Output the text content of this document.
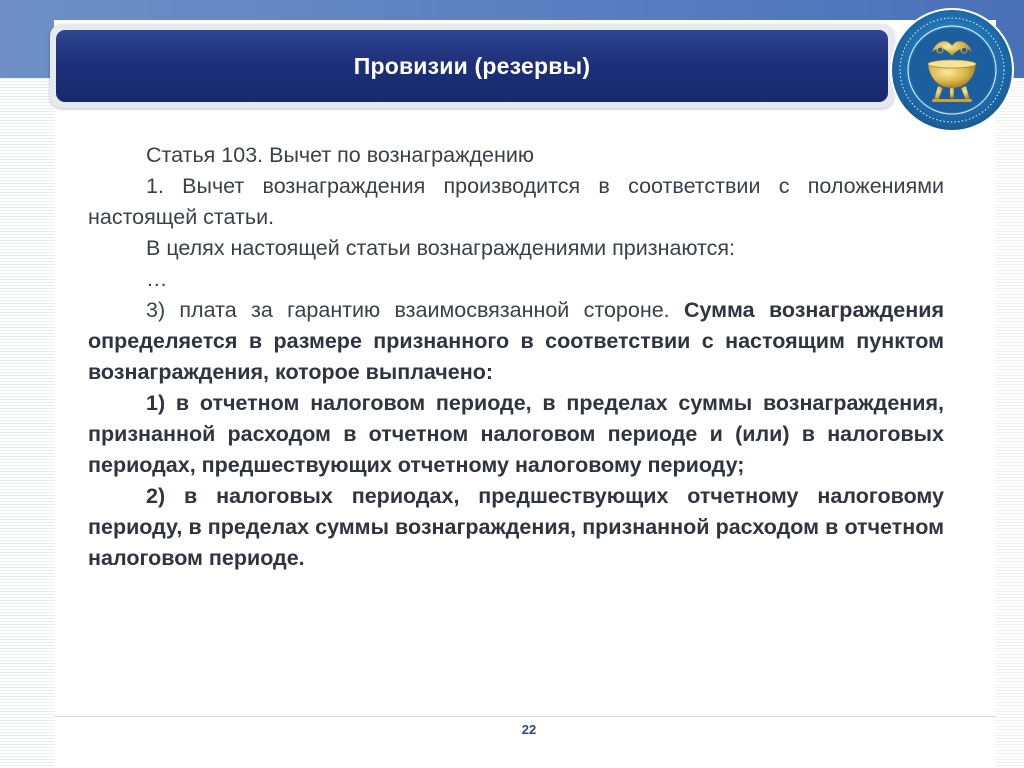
Провизии (резервы)

Статья 103. Вычет по вознаграждению

1. Вычет вознаграждения производится в соответствии с положениями настоящей статьи.

В целях настоящей статьи вознаграждениями признаются:

…

3) плата за гарантию взаимосвязанной стороне. Сумма вознаграждения определяется в размере признанного в соответствии с настоящим пунктом вознаграждения, которое выплачено:

1) в отчетном налоговом периоде, в пределах суммы вознаграждения, признанной расходом в отчетном налоговом периоде и (или) в налоговых периодах, предшествующих отчетному налоговому периоду;

2) в налоговых периодах, предшествующих отчетному налоговому периоду, в пределах суммы вознаграждения, признанной расходом в отчетном налоговом периоде.

22
